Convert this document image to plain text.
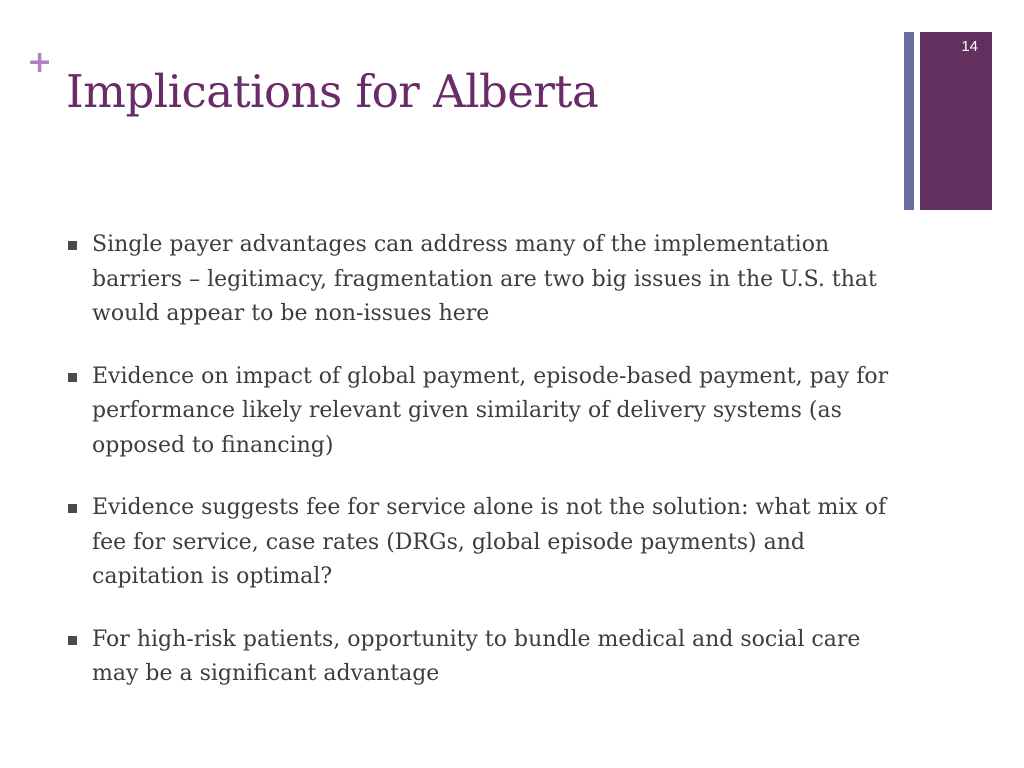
+
Implications for Alberta
14
Single payer advantages can address many of the implementation barriers – legitimacy, fragmentation are two big issues in the U.S. that would appear to be non-issues here
Evidence on impact of global payment, episode-based payment, pay for performance likely relevant given similarity of delivery systems (as opposed to financing)
Evidence suggests fee for service alone is not the solution: what mix of fee for service, case rates (DRGs, global episode payments) and capitation is optimal?
For high-risk patients, opportunity to bundle medical and social care may be a significant advantage
